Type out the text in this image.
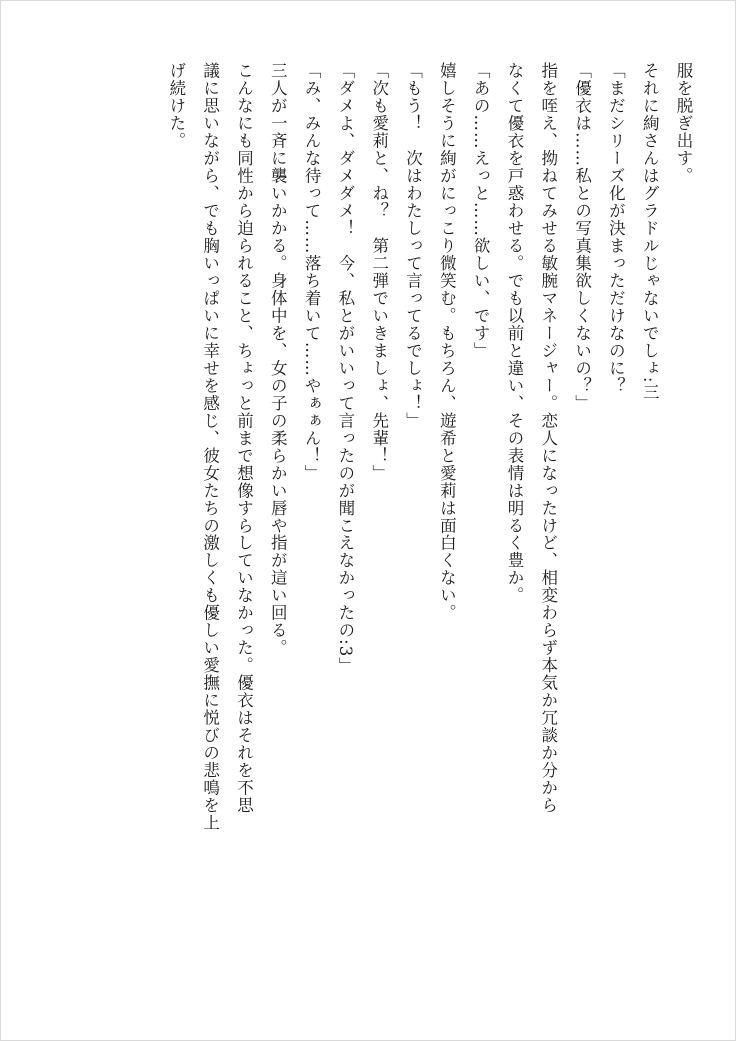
服を脱ぎ出す。

それに絢さんはグラドルじゃないでしょ:三

「まだシリーズ化が決まっただけなのに？

「優衣は……私との写真集欲しくないの？」

指を咥え、拗ねてみせる敏腕マネージャー。恋人になったけど、相変わらず本気か冗談か分から

なくて優衣を戸惑わせる。でも以前と違い、その表情は明るく豊か。

「あの……えっと……欲しい、です」

嬉しそうに絢がにっこり微笑む。もちろん、遊希と愛莉は面白くない。

「もう！　次はわたしって言ってるでしょ！」

「次も愛莉と、ね？　第二弾でいきましょ、先輩！」

「ダメよ、ダメダメ！　今、私とがいいって言ったのが聞こえなかったの:3」

「み、みんな待って……落ち着いて……やぁぁん！」

三人が一斉に襲いかかる。身体中を、女の子の柔らかい唇や指が這い回る。

こんなにも同性から迫られること、ちょっと前まで想像すらしていなかった。優衣はそれを不思

議に思いながら、でも胸いっぱいに幸せを感じ、彼女たちの激しくも優しい愛撫に悦びの悲鳴を上

げ続けた。
